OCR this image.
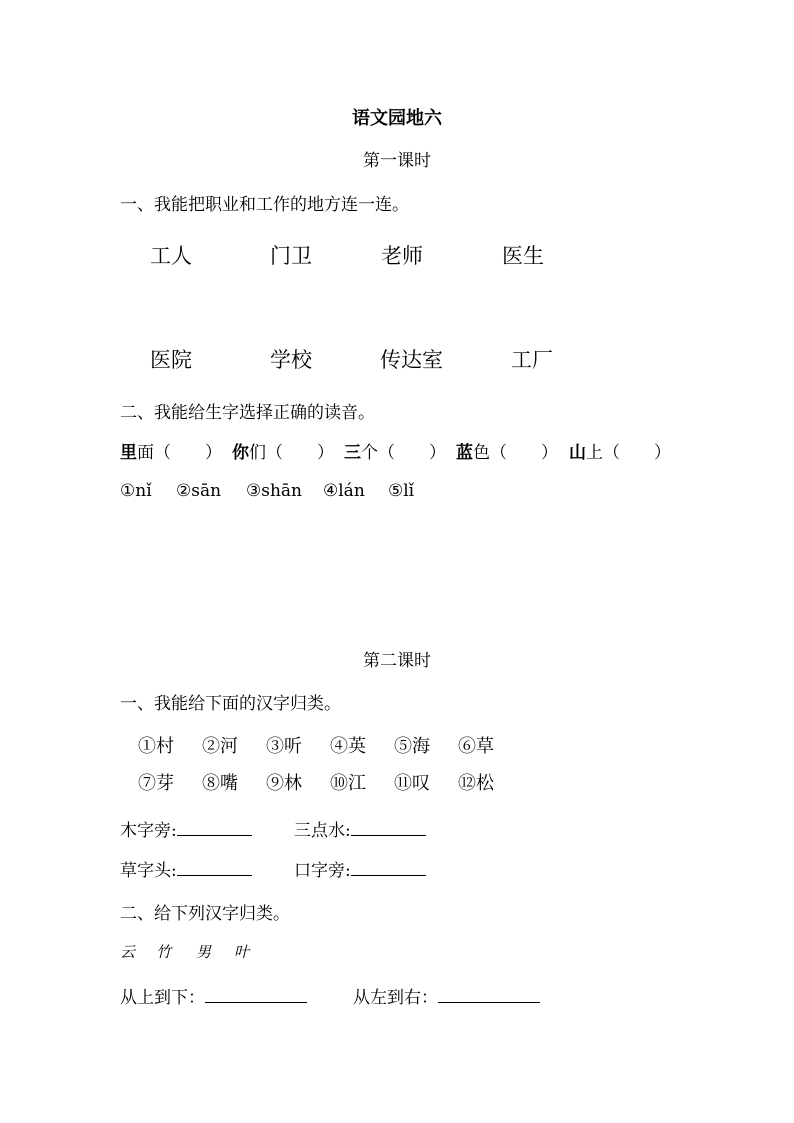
语文园地六
第一课时
一、我能把职业和工作的地方连一连。
工人	门卫	老师	医生
医院	学校	传达室	工厂
二、我能给生字选择正确的读音。
里面（　　） 你们（　　） 三个（　　） 蓝色（　　） 山上（　　）
①nǐ ②sān ③shān ④lán ⑤lǐ
第二课时
一、我能给下面的汉字归类。
①村 ②河 ③听 ④英 ⑤海 ⑥草
⑦芽 ⑧嘴 ⑨林 ⑩江 ⑪叹 ⑫松
木字旁:	三点水:
草字头:	口字旁:
二、给下列汉字归类。
云 竹 男 叶
从上到下：	从左到右：
